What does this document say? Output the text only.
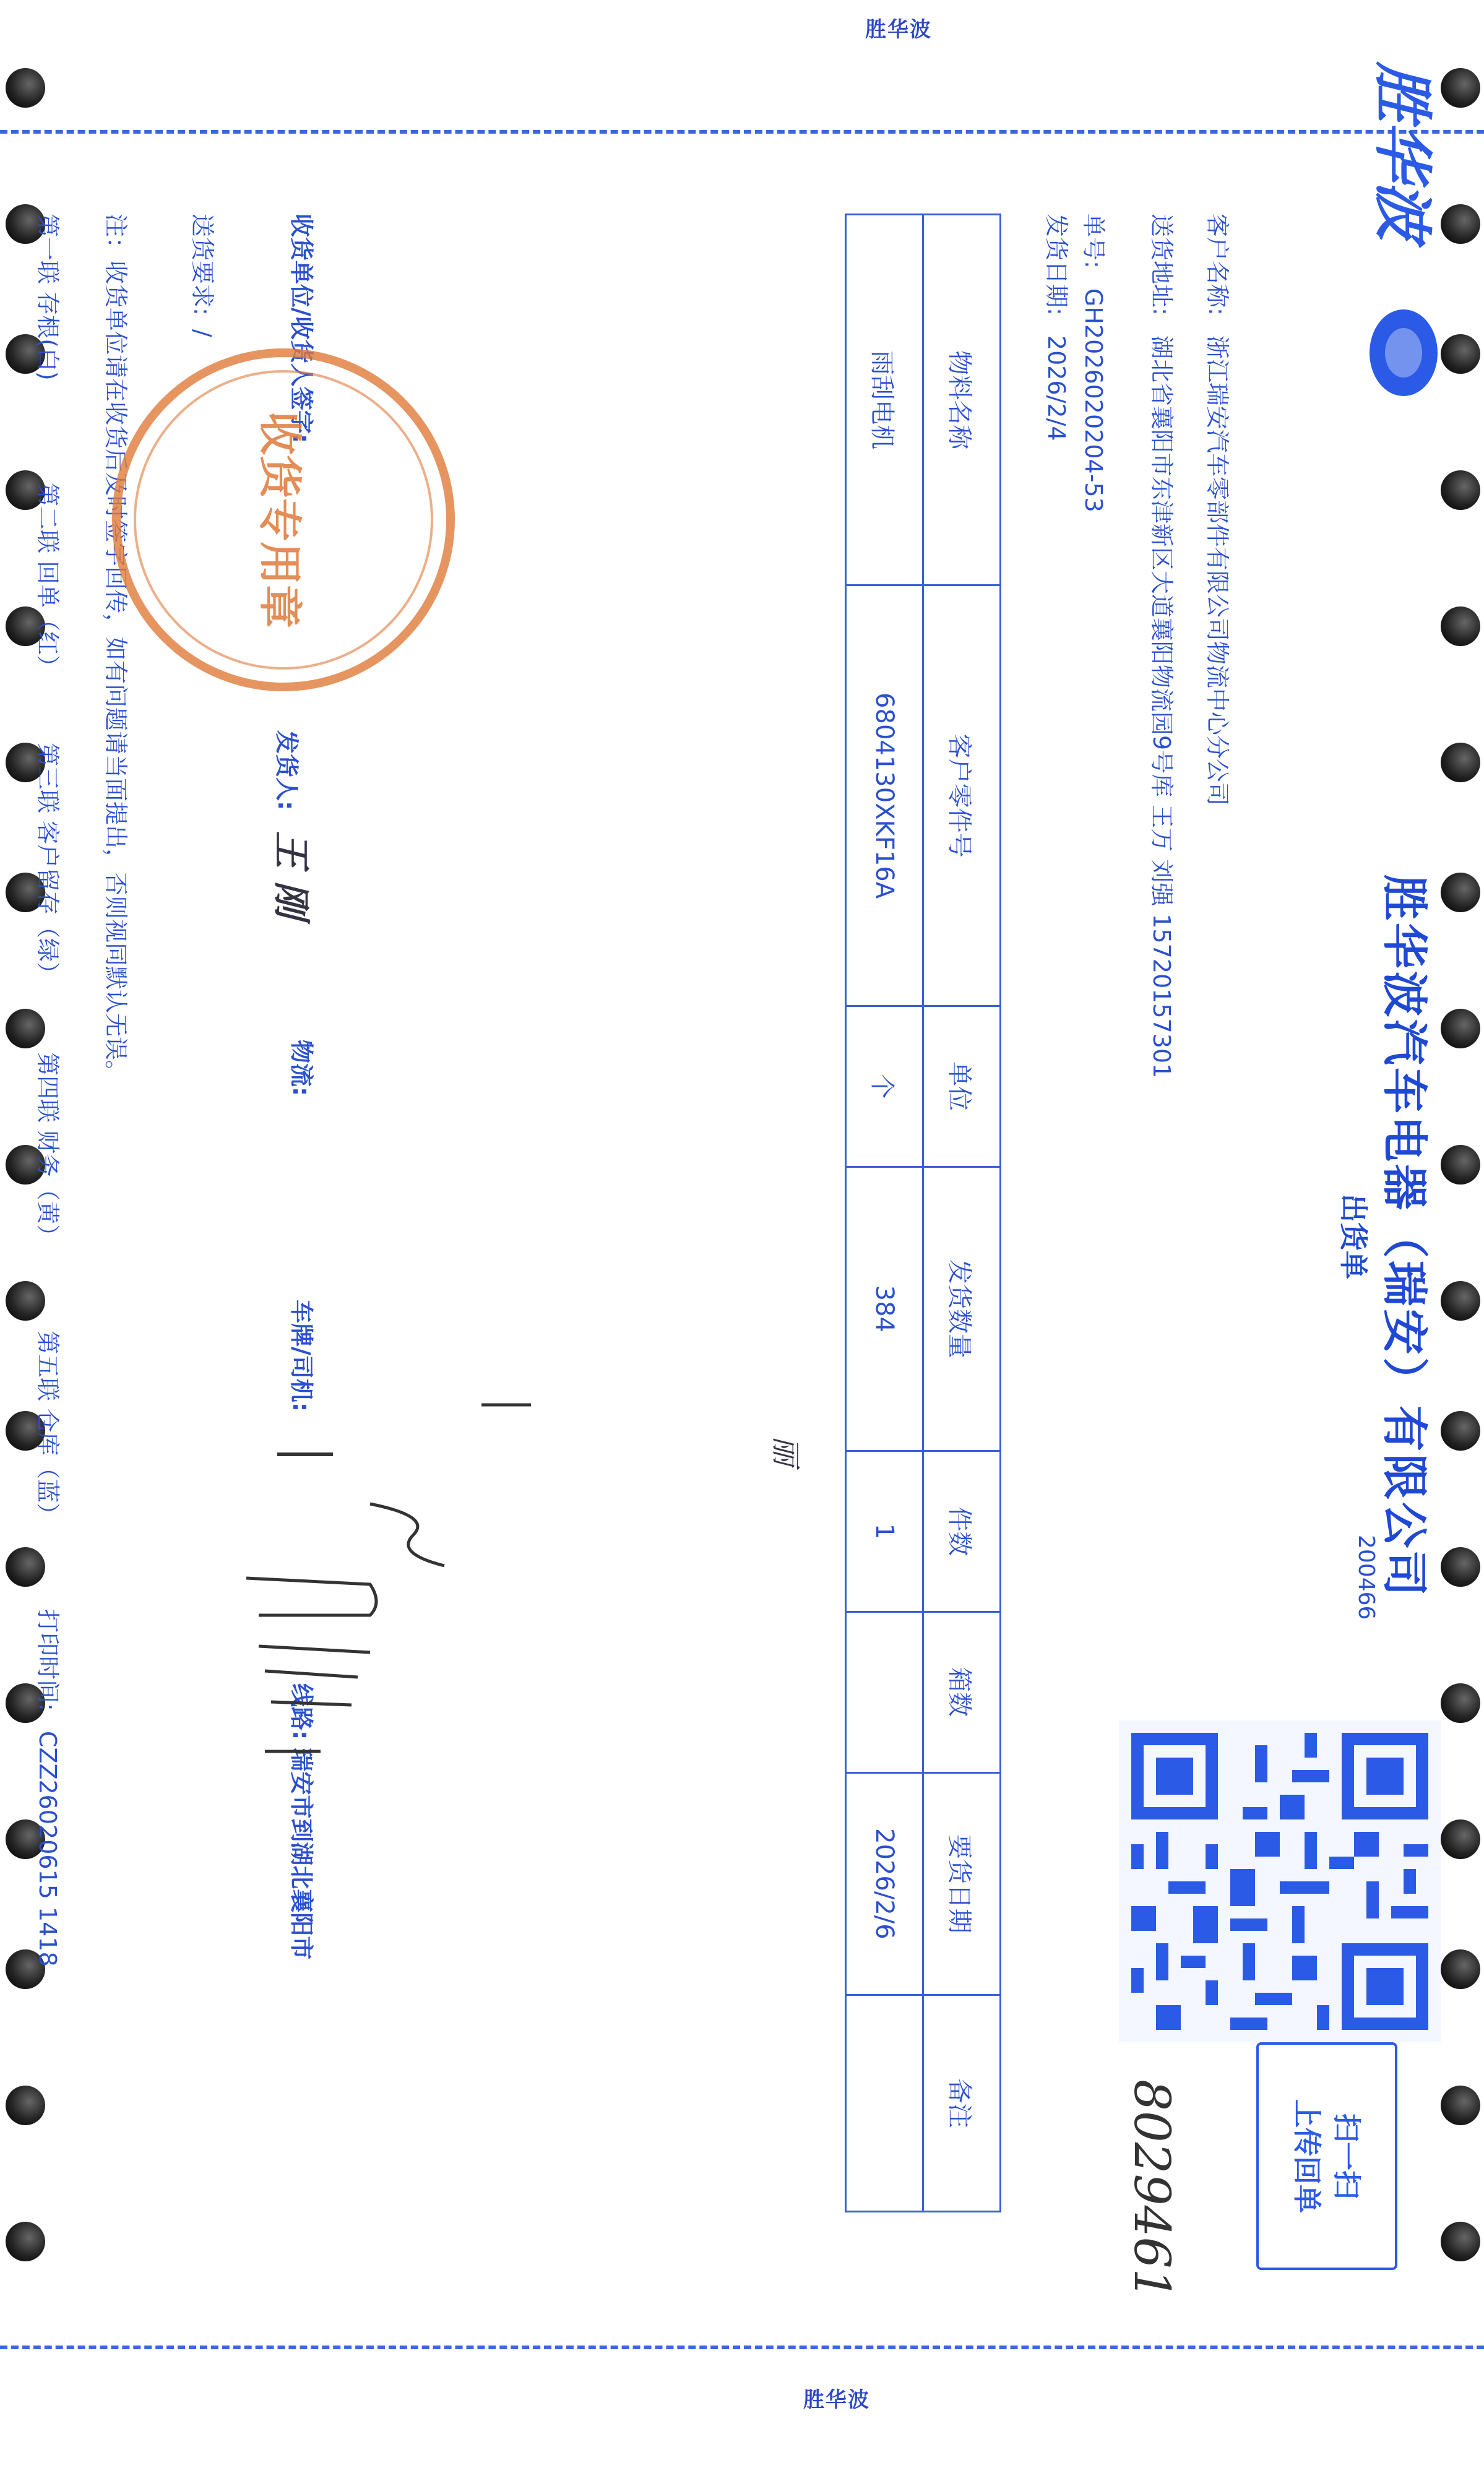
胜华波
胜华波
胜华波
胜华波汽车电器（瑞安）有限公司
出货单
200466
扫一扫
上传回单
8029461
客户名称: 浙江瑞安汽车零部件有限公司物流中心分公司
送货地址: 湖北省襄阳市东津新区大道襄阳物流园9号库 王万 刘强 15720157301
单号: GH2026020204-53
发货日期: 2026/2/4
物料名称	客户零件号	单位	发货数量	件数	箱数	要货日期	备注
雨刮电机	6804130XKF16A	个	384	1		2026/2/6	
收货单位/收货人签字:
发货人: 王 刚
物流:
车牌/司机:
线路: 瑞安市到湖北襄阳市
送货要求: /
注：收货单位请在收货后及时签字回传，如有问题请当面提出，否则视同默认无误。	收货专用章
丽
第一联 存根(白)
第二联 回单（红）
第三联 客户留存（绿）
第四联 财务（黄）
第五联 仓库（蓝）
打印时间: CZZ26020615 1418
